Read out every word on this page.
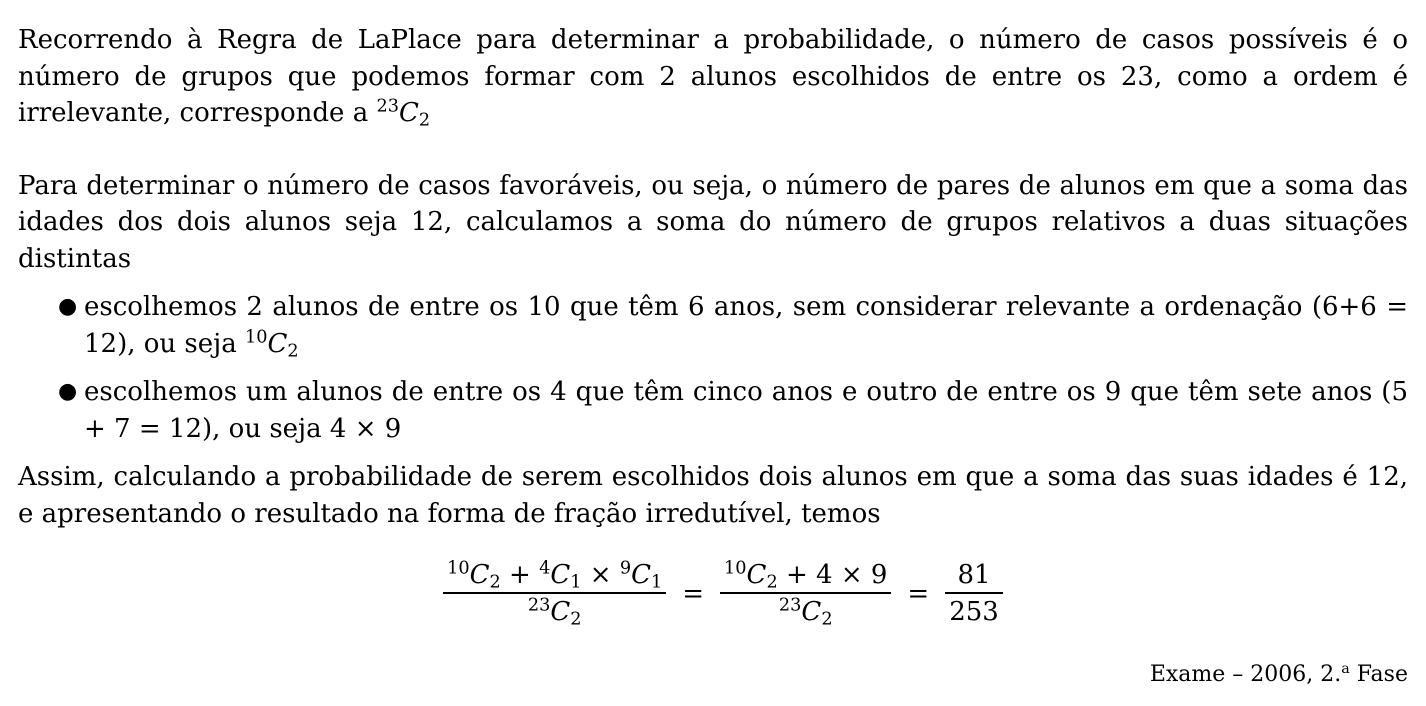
Recorrendo à Regra de LaPlace para determinar a probabilidade, o número de casos possíveis é o número de grupos que podemos formar com 2 alunos escolhidos de entre os 23, como a ordem é irrelevante, corresponde a $^{23}C_2$

Para determinar o número de casos favoráveis, ou seja, o número de pares de alunos em que a soma das idades dos dois alunos seja 12, calculamos a soma do número de grupos relativos a duas situações distintas

● escolhemos 2 alunos de entre os 10 que têm 6 anos, sem considerar relevante a ordenação (6+6 = 12), ou seja $^{10}C_2$
● escolhemos um alunos de entre os 4 que têm cinco anos e outro de entre os 9 que têm sete anos (5 + 7 = 12), ou seja 4 × 9

Assim, calculando a probabilidade de serem escolhidos dois alunos em que a soma das suas idades é 12, e apresentando o resultado na forma de fração irredutível, temos

$\frac{^{10}C_2 + ^4C_1 \times ^9C_1}{^{23}C_2} = \frac{^{10}C_2 + 4 \times 9}{^{23}C_2} = \frac{81}{253}$
Exame – 2006, 2.$^a$ Fase
